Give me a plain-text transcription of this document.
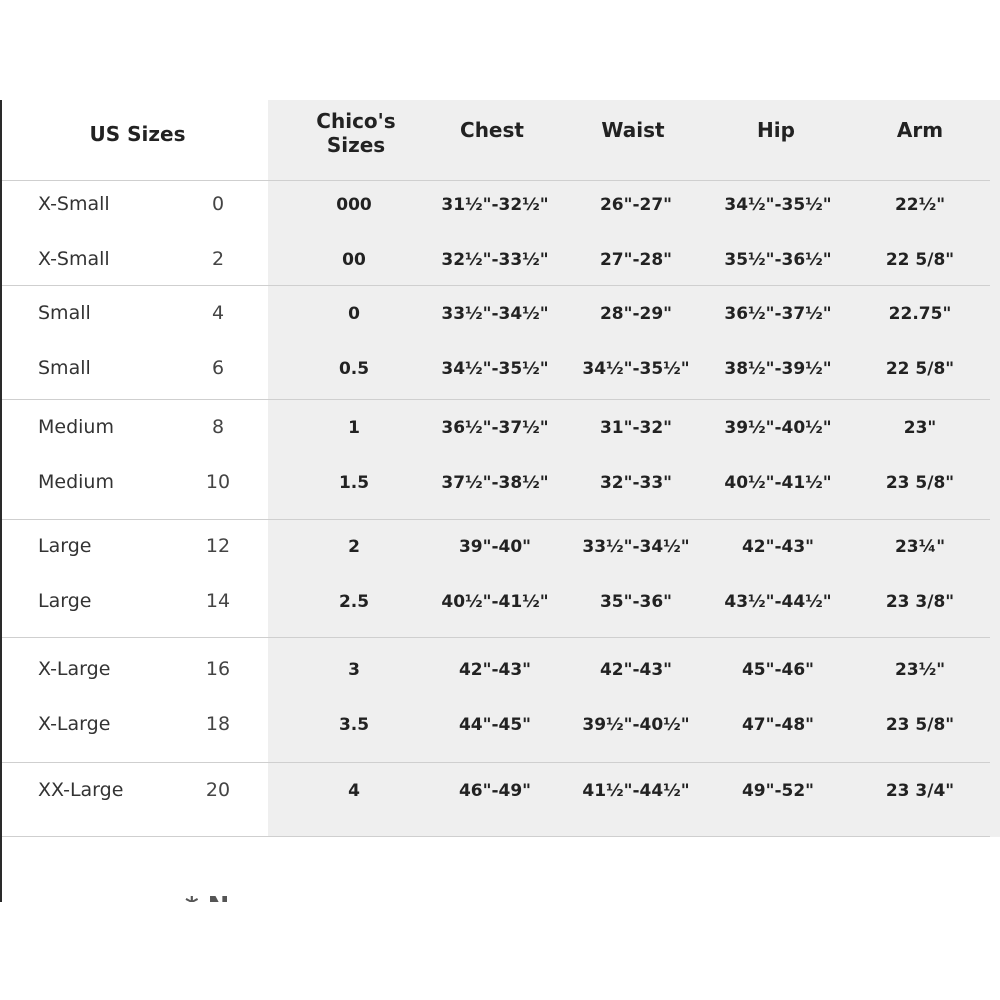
US Sizes
Chico's
Sizes
Chest	Waist	Hip	Arm
X-Small	0	000	31½"-32½"	26"-27"	34½"-35½"	22½"
X-Small	2	00	32½"-33½"	27"-28"	35½"-36½"	22 5/8"
Small	4	0	33½"-34½"	28"-29"	36½"-37½"	22.75"
Small	6	0.5	34½"-35½"	34½"-35½"	38½"-39½"	22 5/8"
Medium	8	1	36½"-37½"	31"-32"	39½"-40½"	23"
Medium	10	1.5	37½"-38½"	32"-33"	40½"-41½"	23 5/8"
Large	12	2	39"-40"	33½"-34½"	42"-43"	23¼"
Large	14	2.5	40½"-41½"	35"-36"	43½"-44½"	23 3/8"
X-Large	16	3	42"-43"	42"-43"	45"-46"	23½"
X-Large	18	3.5	44"-45"	39½"-40½"	47"-48"	23 5/8"
XX-Large	20	4	46"-49"	41½"-44½"	49"-52"	23 3/4"
